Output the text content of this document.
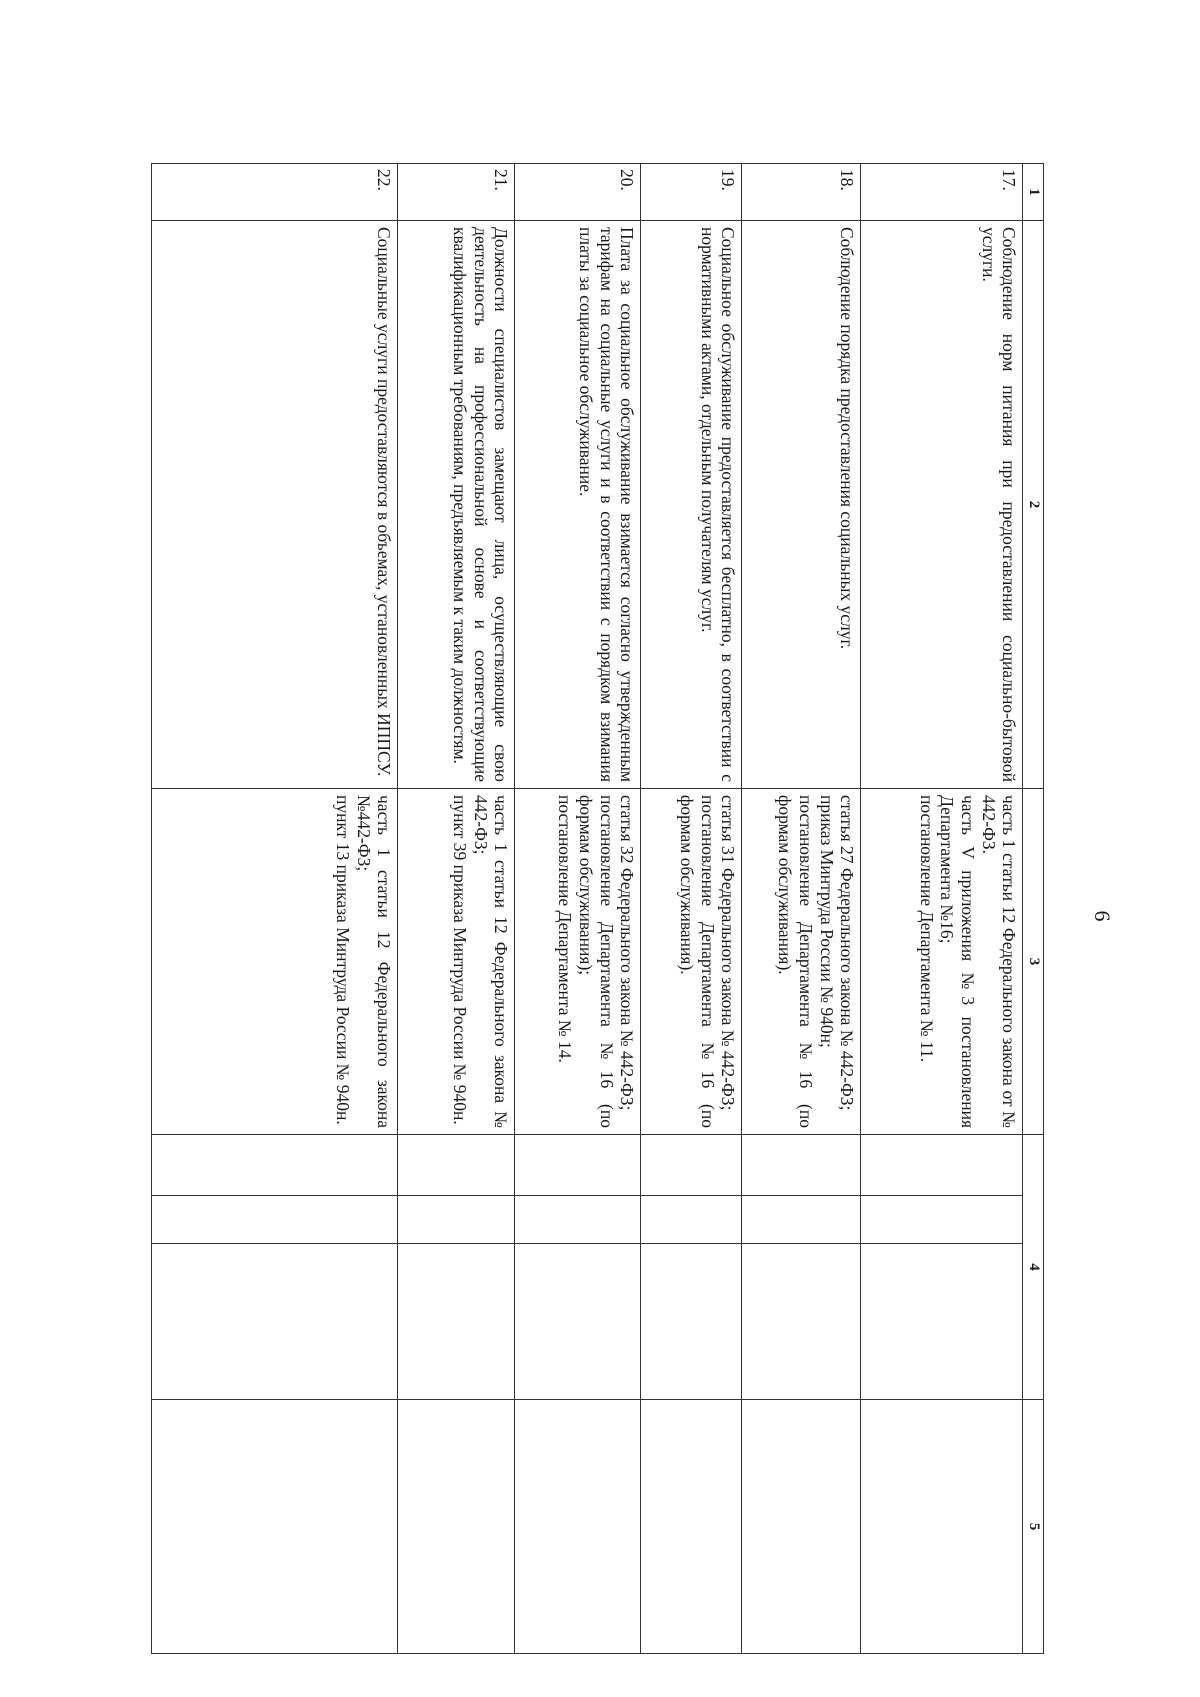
6
1	2	3	4	5
17.	Соблюдение норм питания при предоставлении социально-бытовой услуги.	часть 1 статьи 12 Федерального закона от № 442-ФЗ.
часть V приложения №3 постановления Департамента №16;
постановление Департамента № 11.	

18.	Соблюдение порядка предоставления социальных услуг.	статья 27 Федерального закона № 442-ФЗ;
приказ Минтруда России № 940н;
постановление Департамента №16 (по формам обслуживания).	

19.	Социальное обслуживание предоставляется бесплатно, в соответствии с нормативными актами, отдельным получателям услуг.	статья 31 Федерального закона № 442-ФЗ;
постановление Департамента №16 (по формам обслуживания).	

20.	Плата за социальное обслуживание взимается согласно утвержденным тарифам на социальные услуги и в соответствии с порядком взимания платы за социальное обслуживание.	статья 32 Федерального закона № 442-ФЗ;
постановление Департамента №16 (по формам обслуживания);
постановление Департамента № 14.	

21.	Должности специалистов замещают лица, осуществляющие свою деятельность на профессиональной основе и соответствующие квалификационным требованиям, предъявляемым к таким должностям.	часть 1 статьи 12 Федерального закона № 442-ФЗ;
пункт 39 приказа Минтруда России № 940н.	

22.	Социальные услуги предоставляются в объемах, установленных ИППСУ.	часть 1 статьи 12 Федерального закона №442-ФЗ;
пункт 13 приказа Минтруда России № 940н.	
